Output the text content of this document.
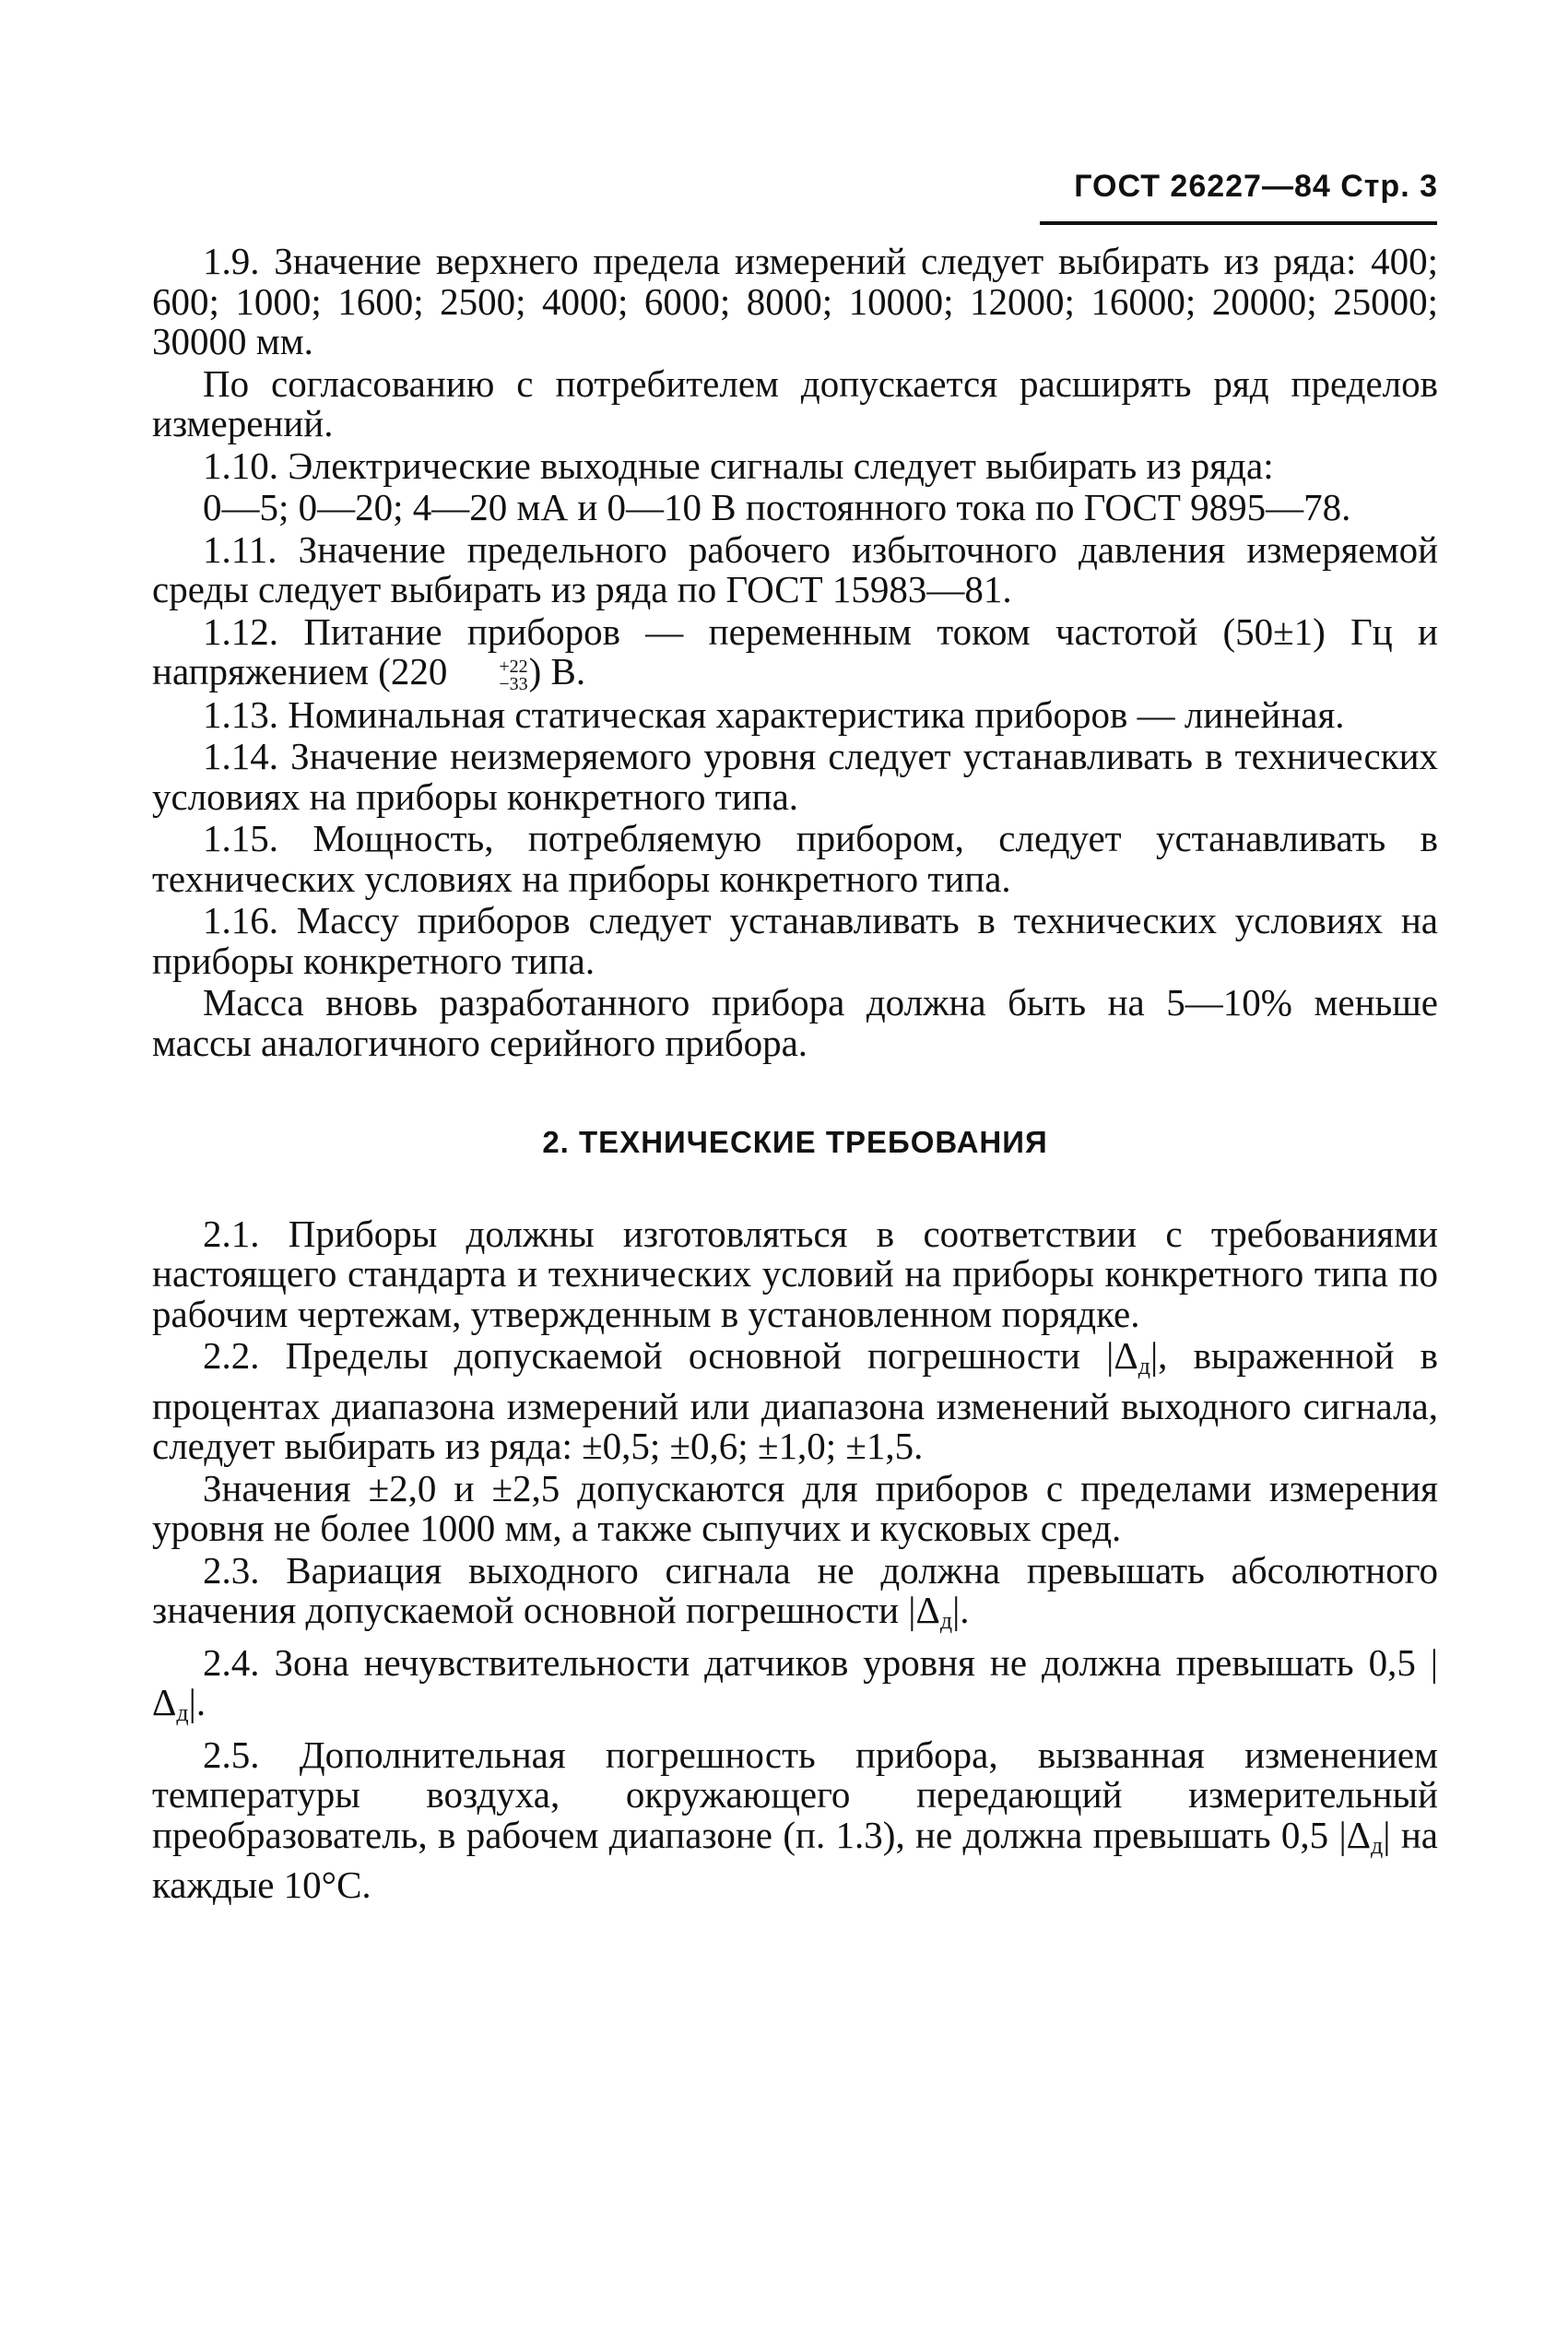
ГОСТ 26227—84 Стр. 3

1.9. Значение верхнего предела измерений следует выбирать из ряда: 400; 600; 1000; 1600; 2500; 4000; 6000; 8000; 10000; 12000; 16000; 20000; 25000; 30000 мм.

По согласованию с потребителем допускается расширять ряд пределов измерений.

1.10. Электрические выходные сигналы следует выбирать из ряда:

0—5; 0—20; 4—20 мА и 0—10 В постоянного тока по ГОСТ 9895—78.

1.11. Значение предельного рабочего избыточного давления измеряемой среды следует выбирать из ряда по ГОСТ 15983—81.

1.12. Питание приборов — переменным током частотой (50±1) Гц и напряжением (220	+22
−33 ) В.

1.13. Номинальная статическая характеристика приборов — линейная.

1.14. Значение неизмеряемого уровня следует устанавливать в технических условиях на приборы конкретного типа.

1.15. Мощность, потребляемую прибором, следует устанавливать в технических условиях на приборы конкретного типа.

1.16. Массу приборов следует устанавливать в технических условиях на приборы конкретного типа.

Масса вновь разработанного прибора должна быть на 5—10% меньше массы аналогичного серийного прибора.

2. ТЕХНИЧЕСКИЕ ТРЕБОВАНИЯ

2.1. Приборы должны изготовляться в соответствии с требованиями настоящего стандарта и технических условий на приборы конкретного типа по рабочим чертежам, утвержденным в установленном порядке.

2.2. Пределы допускаемой основной погрешности $|\Delta_д|$, выраженной в процентах диапазона измерений или диапазона изменений выходного сигнала, следует выбирать из ряда: ±0,5; ±0,6; ±1,0; ±1,5.

Значения ±2,0 и ±2,5 допускаются для приборов с пределами измерения уровня не более 1000 мм, а также сыпучих и кусковых сред.

2.3. Вариация выходного сигнала не должна превышать абсолютного значения допускаемой основной погрешности $|\Delta_д|$.

2.4. Зона нечувствительности датчиков уровня не должна превышать 0,5 $|\Delta_д|$.

2.5. Дополнительная погрешность прибора, вызванная изменением температуры воздуха, окружающего передающий измерительный преобразователь, в рабочем диапазоне (п. 1.3), не должна превышать 0,5 $|\Delta_д|$ на каждые 10°C.
